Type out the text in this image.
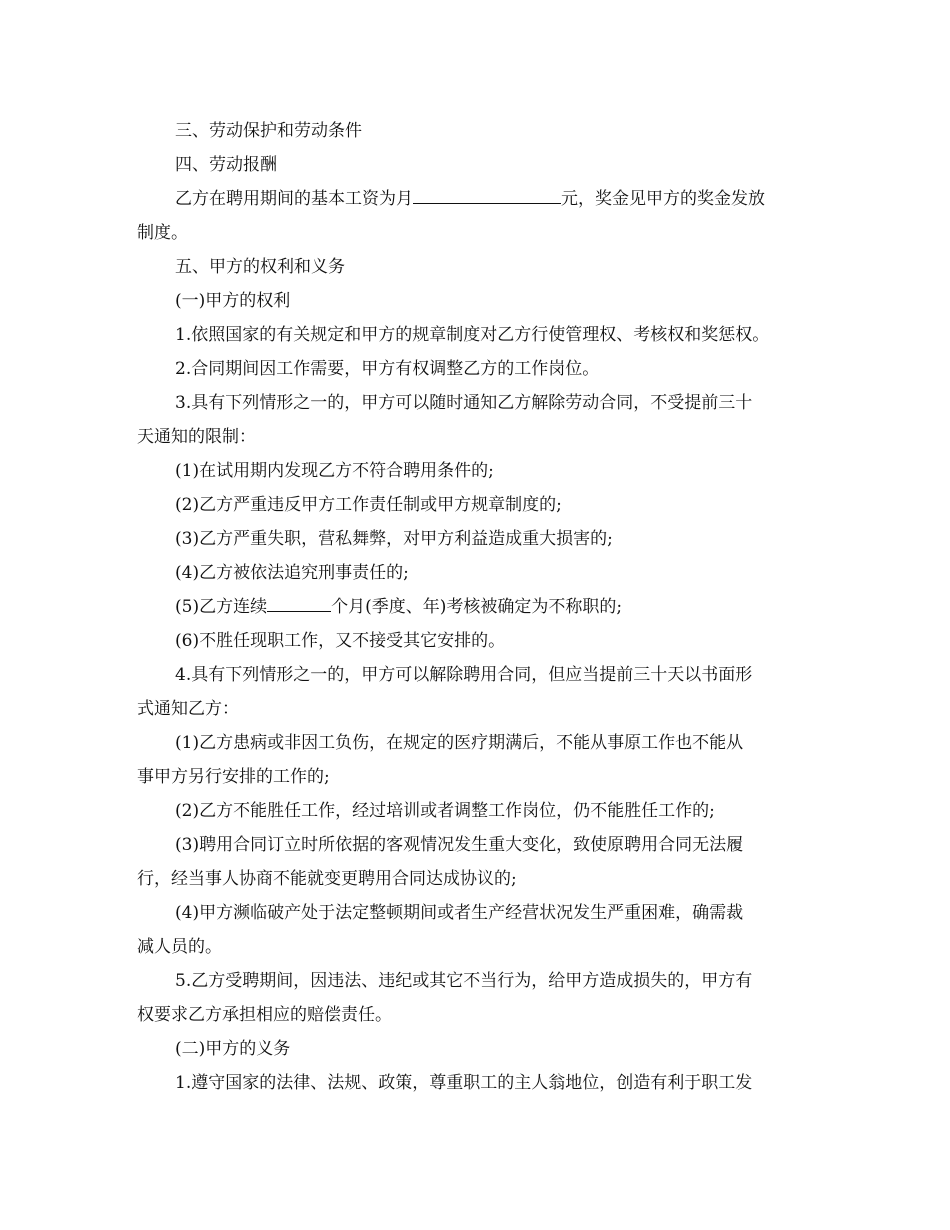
三、劳动保护和劳动条件
四、劳动报酬
乙方在聘用期间的基本工资为月	元，奖金见甲方的奖金发放
制度。
五、甲方的权利和义务
(一)甲方的权利
1.依照国家的有关规定和甲方的规章制度对乙方行使管理权、考核权和奖惩权。
2.合同期间因工作需要，甲方有权调整乙方的工作岗位。
3.具有下列情形之一的，甲方可以随时通知乙方解除劳动合同，不受提前三十
天通知的限制：
(1)在试用期内发现乙方不符合聘用条件的;
(2)乙方严重违反甲方工作责任制或甲方规章制度的;
(3)乙方严重失职，营私舞弊，对甲方利益造成重大损害的;
(4)乙方被依法追究刑事责任的;
(5)乙方连续	个月(季度、年)考核被确定为不称职的;
(6)不胜任现职工作，又不接受其它安排的。
4.具有下列情形之一的，甲方可以解除聘用合同，但应当提前三十天以书面形
式通知乙方：
(1)乙方患病或非因工负伤，在规定的医疗期满后，不能从事原工作也不能从
事甲方另行安排的工作的;
(2)乙方不能胜任工作，经过培训或者调整工作岗位，仍不能胜任工作的;
(3)聘用合同订立时所依据的客观情况发生重大变化，致使原聘用合同无法履
行，经当事人协商不能就变更聘用合同达成协议的;
(4)甲方濒临破产处于法定整顿期间或者生产经营状况发生严重困难，确需裁
减人员的。
5.乙方受聘期间，因违法、违纪或其它不当行为，给甲方造成损失的，甲方有
权要求乙方承担相应的赔偿责任。
(二)甲方的义务
1.遵守国家的法律、法规、政策，尊重职工的主人翁地位，创造有利于职工发
